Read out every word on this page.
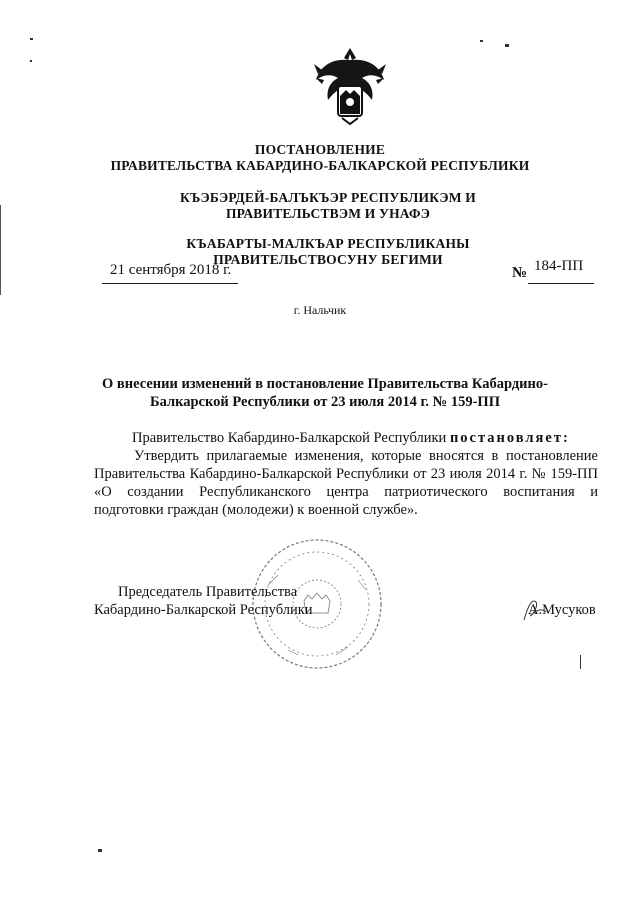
ПОСТАНОВЛЕНИЕ
ПРАВИТЕЛЬСТВА КАБАРДИНО-БАЛКАРСКОЙ РЕСПУБЛИКИ
КЪЭБЭРДЕЙ-БАЛЪКЪЭР РЕСПУБЛИКЭМ И ПРАВИТЕЛЬСТВЭМ И УНАФЭ
КЪАБАРТЫ-МАЛКЪАР РЕСПУБЛИКАНЫ ПРАВИТЕЛЬСТВОСУНУ БЕГИМИ
21 сентября 2018 г.	№ 184-ПП
г. Нальчик
О внесении изменений в постановление Правительства Кабардино-Балкарской Республики от 23 июля 2014 г. № 159-ПП
Правительство Кабардино-Балкарской Республики постановляет:
Утвердить прилагаемые изменения, которые вносятся в постановление Правительства Кабардино-Балкарской Республики от 23 июля 2014 г. № 159-ПП «О создании Республиканского центра патриотического воспитания и подготовки граждан (молодежи) к военной службе».
Председатель Правительства
Кабардино-Балкарской Республики	А.Мусуков
